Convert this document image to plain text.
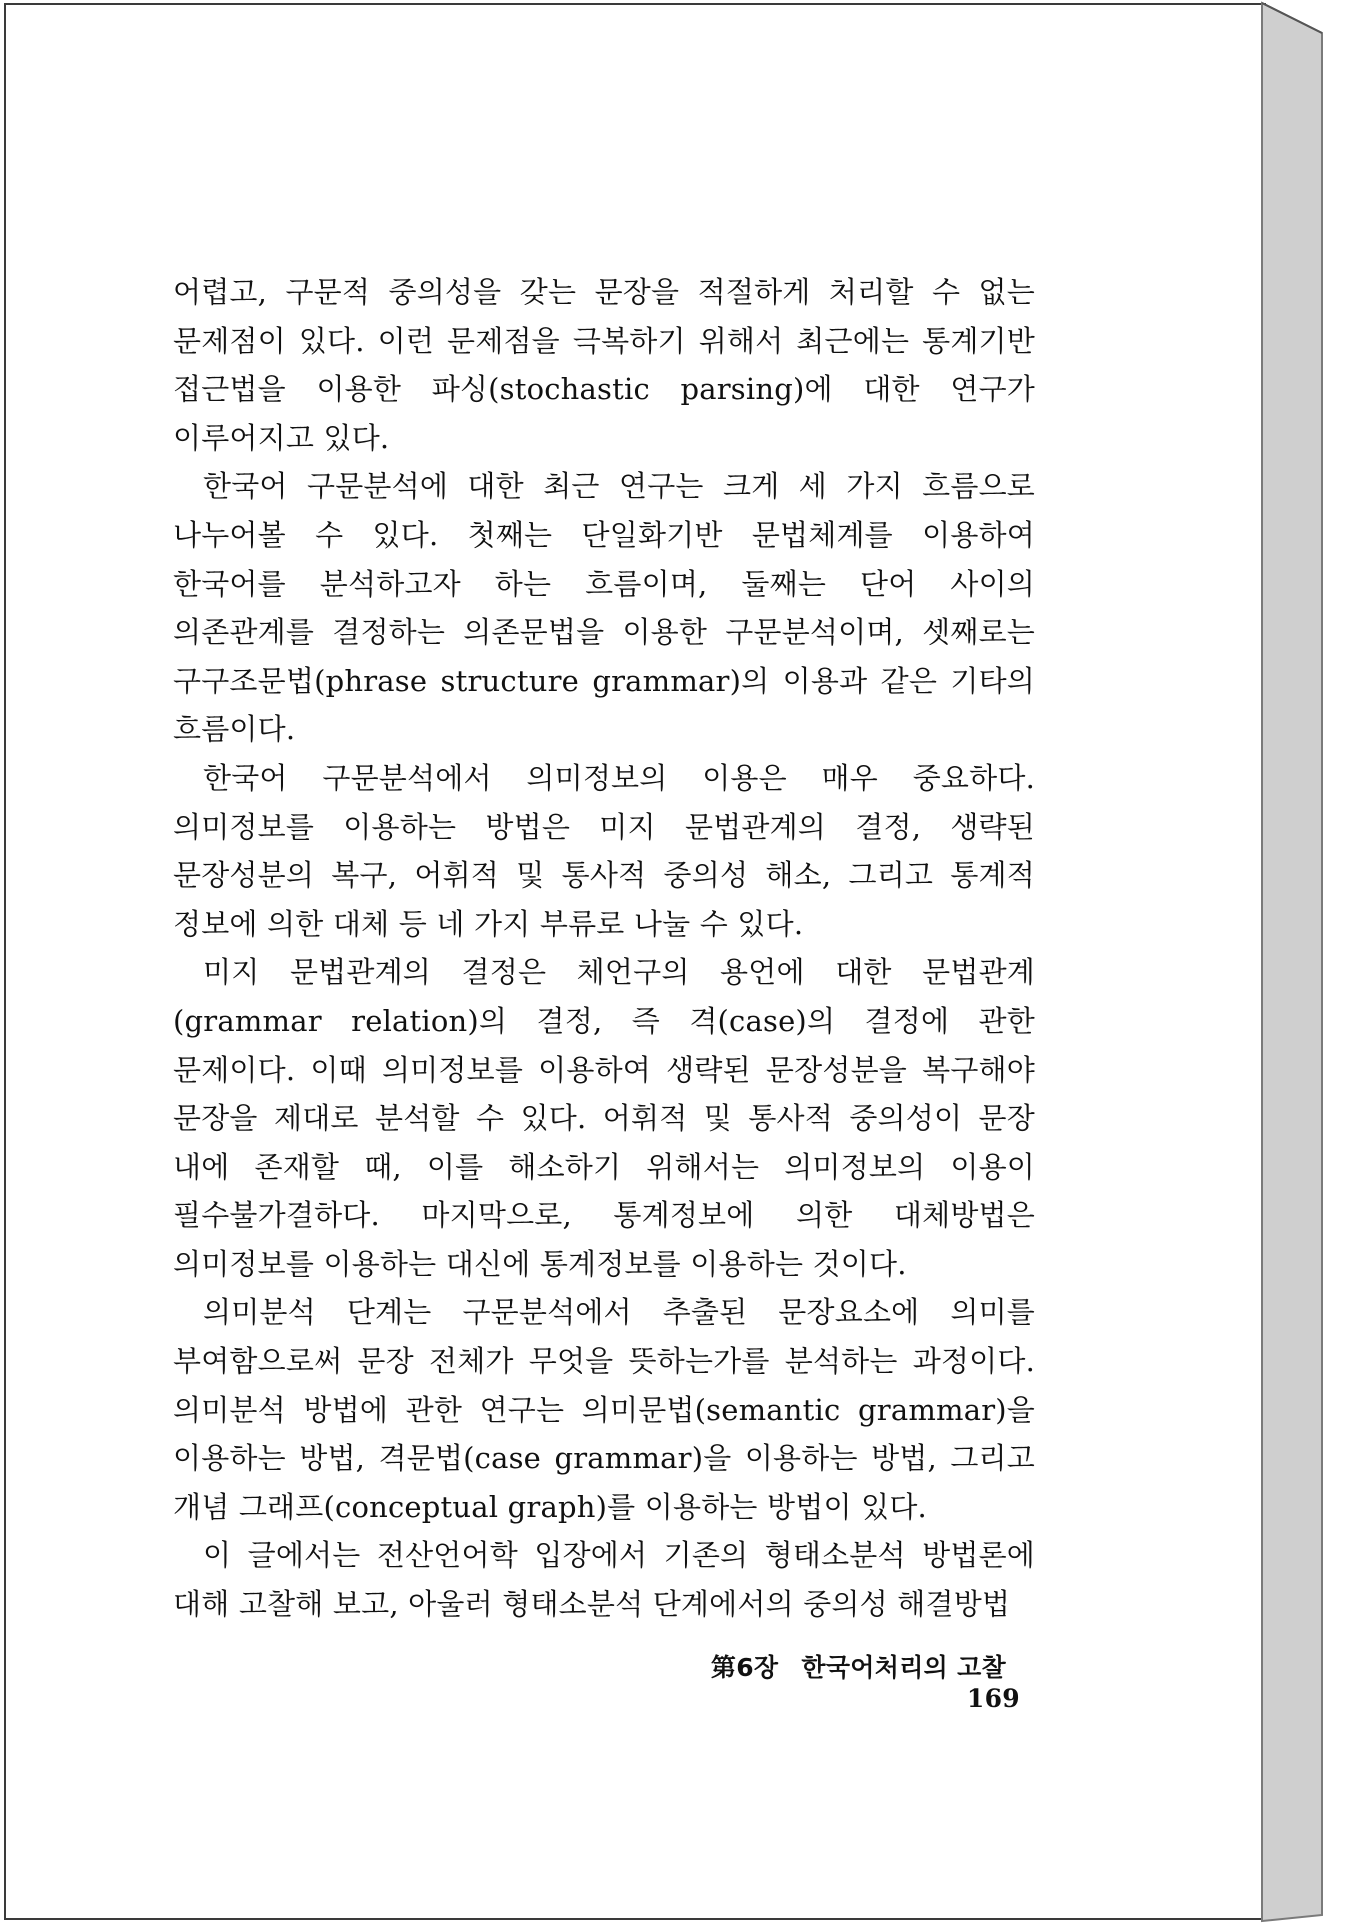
어렵고, 구문적 중의성을 갖는 문장을 적절하게 처리할 수 없는 문제점이 있다. 이런 문제점을 극복하기 위해서 최근에는 통계기반 접근법을 이용한 파싱(stochastic parsing)에 대한 연구가 이루어지고 있다.

한국어 구문분석에 대한 최근 연구는 크게 세 가지 흐름으로 나누어볼 수 있다. 첫째는 단일화기반 문법체계를 이용하여 한국어를 분석하고자 하는 흐름이며, 둘째는 단어 사이의 의존관계를 결정하는 의존문법을 이용한 구문분석이며, 셋째로는 구구조문법(phrase structure grammar)의 이용과 같은 기타의 흐름이다.

한국어 구문분석에서 의미정보의 이용은 매우 중요하다. 의미정보를 이용하는 방법은 미지 문법관계의 결정, 생략된 문장성분의 복구, 어휘적 및 통사적 중의성 해소, 그리고 통계적 정보에 의한 대체 등 네 가지 부류로 나눌 수 있다.

미지 문법관계의 결정은 체언구의 용언에 대한 문법관계(grammar relation)의 결정, 즉 격(case)의 결정에 관한 문제이다. 이때 의미정보를 이용하여 생략된 문장성분을 복구해야 문장을 제대로 분석할 수 있다. 어휘적 및 통사적 중의성이 문장 내에 존재할 때, 이를 해소하기 위해서는 의미정보의 이용이 필수불가결하다. 마지막으로, 통계정보에 의한 대체방법은 의미정보를 이용하는 대신에 통계정보를 이용하는 것이다.

의미분석 단계는 구문분석에서 추출된 문장요소에 의미를 부여함으로써 문장 전체가 무엇을 뜻하는가를 분석하는 과정이다. 의미분석 방법에 관한 연구는 의미문법(semantic grammar)을 이용하는 방법, 격문법(case grammar)을 이용하는 방법, 그리고 개념 그래프(conceptual graph)를 이용하는 방법이 있다.

이 글에서는 전산언어학 입장에서 기존의 형태소분석 방법론에 대해 고찰해 보고, 아울러 형태소분석 단계에서의 중의성 해결방법

第6장 한국어처리의 고찰 169
